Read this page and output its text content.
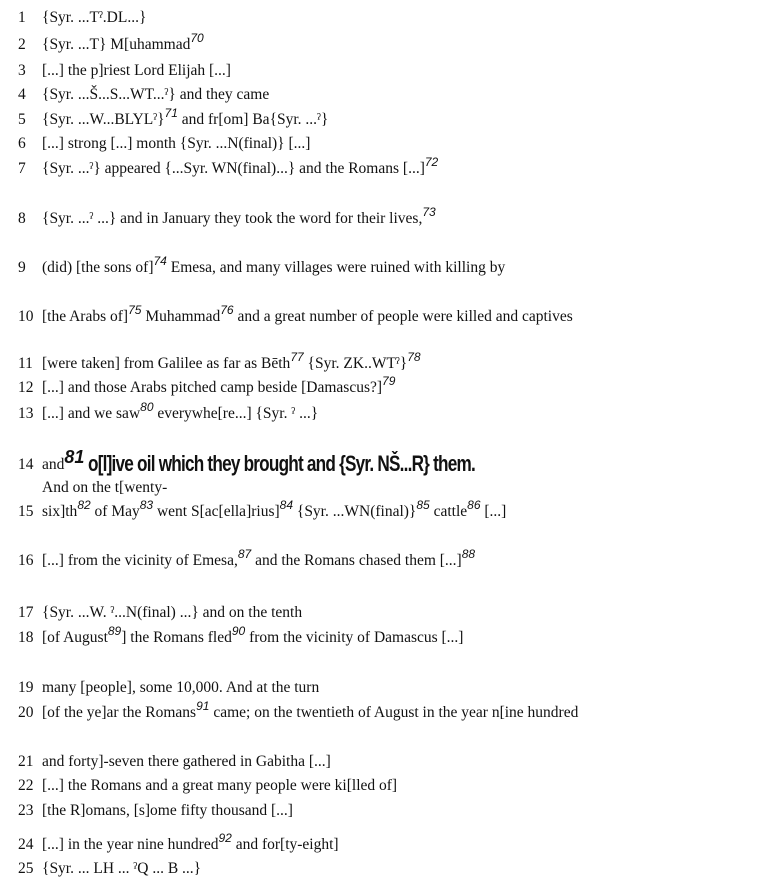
1 {Syr. ...Tˀ.DL...}
2 {Syr. ...T} M[uhammad$^{70}$
3 [...] the p]riest Lord Elijah [...]
4 {Syr. ...Š...S...WT...ˀ} and they came
5 {Syr. ...W...BLYLˀ}$^{71}$ and fr[om] Ba{Syr. ...ˀ}
6 [...] strong [...] month {Syr. ...N(final)} [...]
7 {Syr. ...ˀ} appeared {...Syr. WN(final)...} and the Romans [...]$^{72}$
8 {Syr. ...ˀ ...} and in January they took the word for their lives,$^{73}$
9 (did) [the sons of]$^{74}$ Emesa, and many villages were ruined with killing by
10 [the Arabs of]$^{75}$ Muhammad$^{76}$ and a great number of people were killed and captives
11 [were taken] from Galilee as far as Bēth$^{77}$ {Syr. ZK..WTˀ}$^{78}$
12 [...] and those Arabs pitched camp beside [Damascus?]$^{79}$
13 [...] and we saw$^{80}$ everywhe[re...] {Syr. ˀ ...}
14 and81 o[l]ive oil which they brought and {Syr. NŠ...R} them.
And on the t[wenty-
15 $six]th^{82}$ of May$^{83}$ went S[ac[ella]rius]$^{84}$ {Syr. ...WN(final)}$^{85}$ cattle$^{86}$ [...]
16 [...] from the vicinity of Emesa,$^{87}$ and the Romans chased them [...]$^{88}$
17 {Syr. ...W. ˀ...N(final) ...} and on the tenth
18 [of August$^{89}$] the Romans fled$^{90}$ from the vicinity of Damascus [...]
19 many [people], some 10,000. And at the turn
20 [of the ye]ar the Romans$^{91}$ came; on the twentieth of August in the year n[ine hundred
21 and forty]-seven there gathered in Gabitha [...]
22 [...] the Romans and a great many people were ki[lled of]
23 [the R]omans, [s]ome fifty thousand [...]
24 [...] in the year nine hundred$^{92}$ and for[ty-eight]
25 {Syr. ... LH ... ˀQ ... B ...}
